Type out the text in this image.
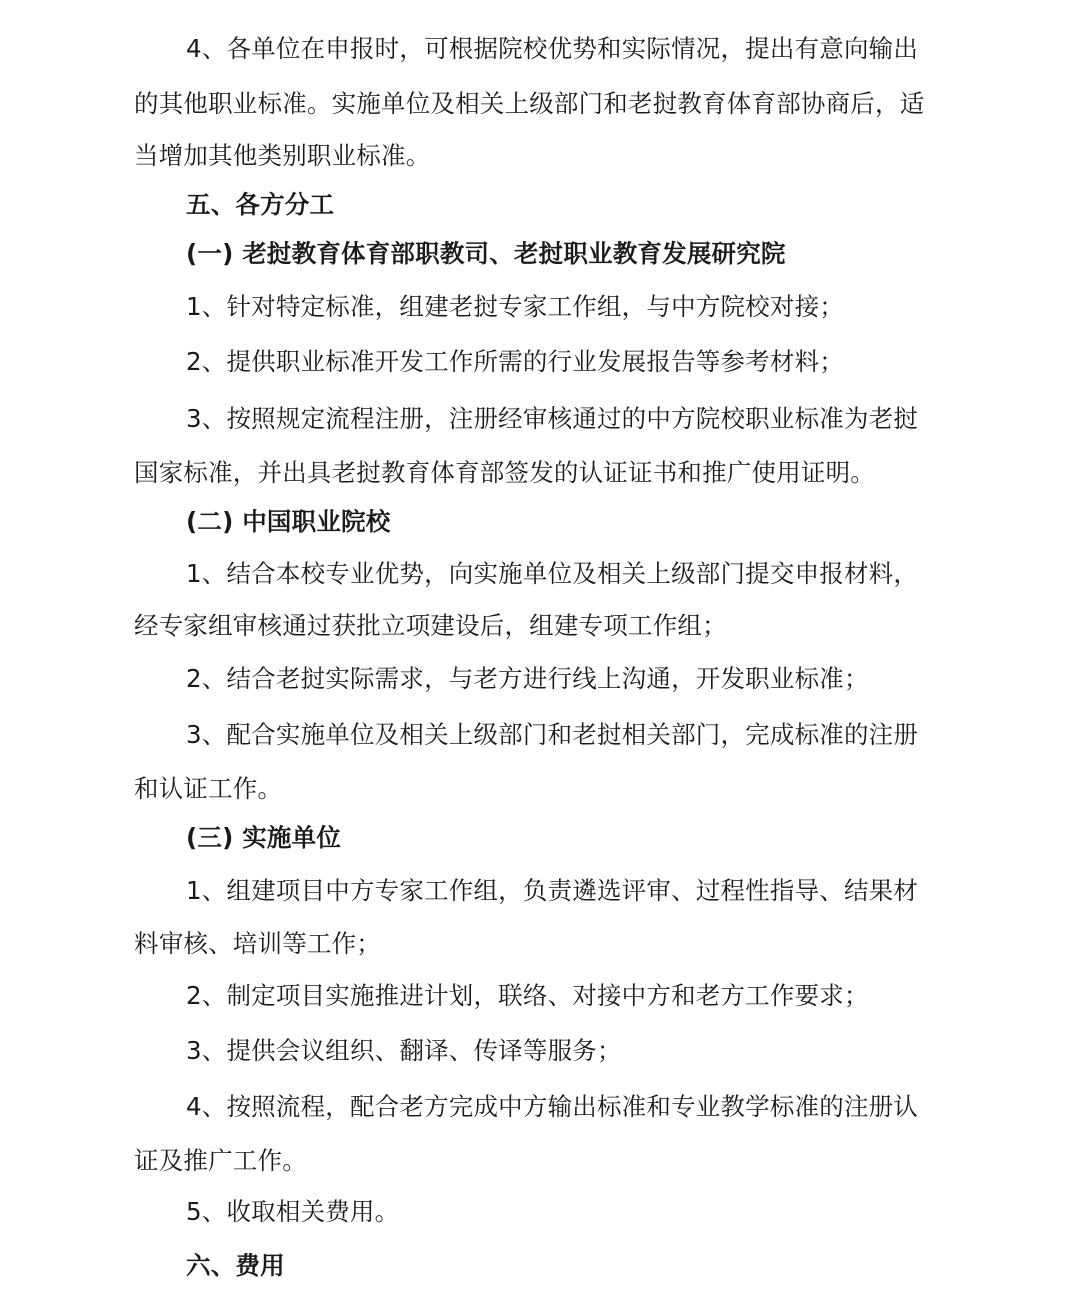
4、各单位在申报时，可根据院校优势和实际情况，提出有意向输出
的其他职业标准。实施单位及相关上级部门和老挝教育体育部协商后，适
当增加其他类别职业标准。
五、各方分工
(一) 老挝教育体育部职教司、老挝职业教育发展研究院
1、针对特定标准，组建老挝专家工作组，与中方院校对接；
2、提供职业标准开发工作所需的行业发展报告等参考材料；
3、按照规定流程注册，注册经审核通过的中方院校职业标准为老挝
国家标准，并出具老挝教育体育部签发的认证证书和推广使用证明。
(二) 中国职业院校
1、结合本校专业优势，向实施单位及相关上级部门提交申报材料，
经专家组审核通过获批立项建设后，组建专项工作组；
2、结合老挝实际需求，与老方进行线上沟通，开发职业标准；
3、配合实施单位及相关上级部门和老挝相关部门，完成标准的注册
和认证工作。
(三) 实施单位
1、组建项目中方专家工作组，负责遴选评审、过程性指导、结果材
料审核、培训等工作；
2、制定项目实施推进计划，联络、对接中方和老方工作要求；
3、提供会议组织、翻译、传译等服务；
4、按照流程，配合老方完成中方输出标准和专业教学标准的注册认
证及推广工作。
5、收取相关费用。
六、费用
